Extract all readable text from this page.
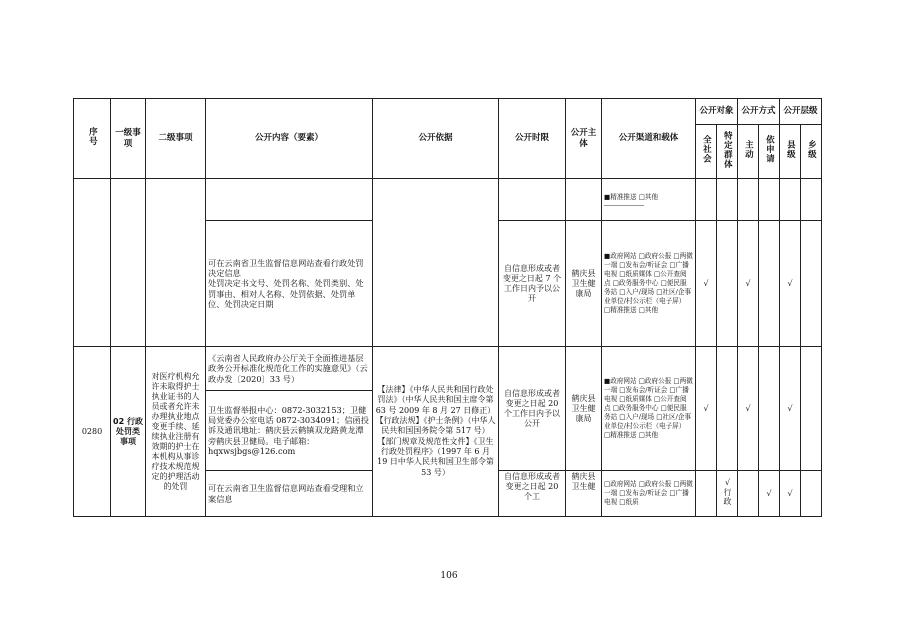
序号	一级事项	二级事项	公开内容（要素）	公开依据	公开时限	公开主体	公开渠道和载体	公开对象		公开方式		公开层级	
								全社会	特定群体	主动	依申请	县级	乡级
							■精准推送 □其他

			可在云南省卫生监督信息网站查看行政处罚决定信息
处罚决定书文号、处罚名称、处罚类别、处罚事由、相对人名称、处罚依据、处罚单位、处罚决定日期		自信息形成或者变更之日起 7 个工作日内予以公开	鹤庆县卫生健康局	■政府网站 □政府公报 □两微一端 □发布会/听证会 □广播电视 □纸质媒体 □公开查阅点 □政务服务中心 □便民服务站 □入户/现场 □社区/企事业单位/村公示栏（电子屏） □精准推送 □其他	√		√		√	
0280	02 行政处罚类事项	对医疗机构允许未取得护士执业证书的人员或者允许未办理执业地点变更手续、延续执业注册有效期的护士在本机构从事诊疗技术规范规定的护理活动的处罚	《云南省人民政府办公厅关于全面推进基层政务公开标准化规范化工作的实施意见》（云政办发〔2020〕33 号）	【法律】《中华人民共和国行政处罚法》（中华人民共和国主席令第 63 号 2009 年 8 月 27 日修正）
【行政法规】《护士条例》（中华人民共和国国务院令第 517 号）
【部门规章及规范性文件】《卫生行政处罚程序》（1997 年 6 月 19 日中华人民共和国卫生部令第 53 号）	自信息形成或者变更之日起 20 个工作日内予以公开	鹤庆县卫生健康局	■政府网站 □政府公报 □两微一端 □发布会/听证会 □广播电视 □纸质媒体 □公开查阅点 □政务服务中心 □便民服务站 □入户/现场 □社区/企事业单位/村公示栏（电子屏） □精准推送 □其他	√		√		√	
			卫生监督举报中心：0872-3032153；卫健局党委办公室电话 0872-3034091；信函投诉及通讯地址：鹤庆县云鹤镇双龙路黄龙潭旁鹤庆县卫健局。电子邮箱：hqxwsjbgs@126.com										
			可在云南省卫生监督信息网站查看受理和立案信息		自信息形成或者变更之日起 20 个工	鹤庆县卫生健	□政府网站 □政府公报 □两微一端 □发布会/听证会 □广播电视 □纸质		√行政		√	√	
106
